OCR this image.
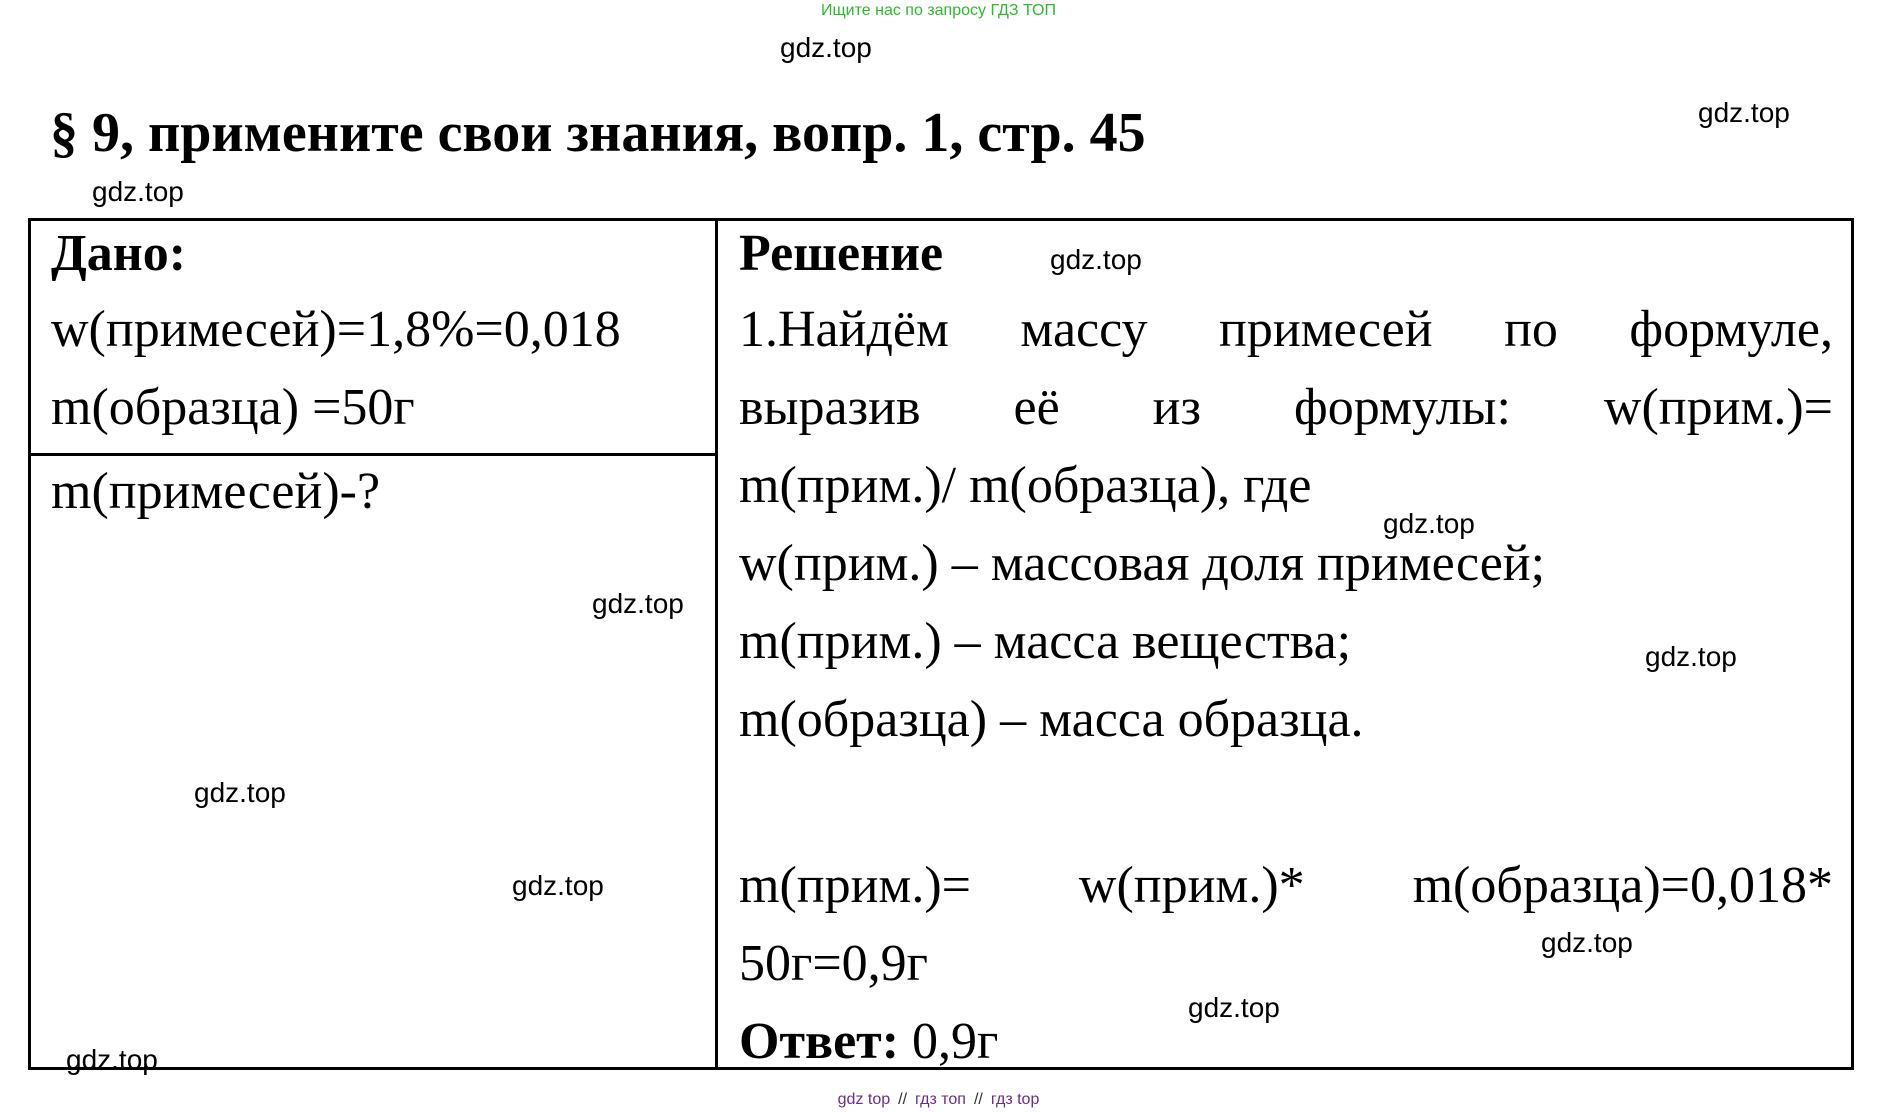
Ищите нас по запросу ГДЗ ТОП
gdz.top
gdz.top
gdz.top
§ 9, примените свои знания, вопр. 1, стр. 45
Дано:
w(примесей)=1,8%=0,018
m(образца) =50г
m(примесей)-?
Решение
1.Найдём массу примесей по формуле,
выразив её из формулы: w(прим.)=
m(прим.)/ m(образца), где
w(прим.) – массовая доля примесей;
m(прим.) – масса вещества;
m(образца) – масса образца.
m(прим.)= w(прим.)* m(образца)=0,018*
50г=0,9г
Ответ: 0,9г
gdz.top
gdz.top
gdz.top
gdz.top
gdz.top
gdz.top
gdz.top
gdz.top
gdz.top
gdz top // гдз топ // гдз top
